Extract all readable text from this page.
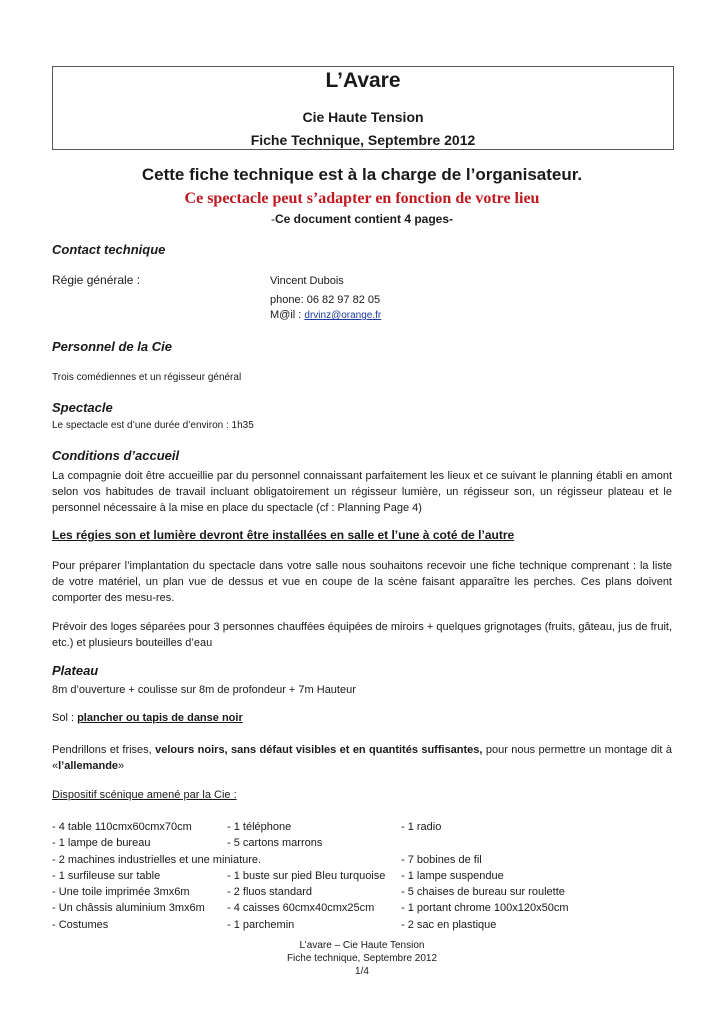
L’Avare
Cie Haute Tension
Fiche Technique, Septembre 2012
Cette fiche technique est à la charge de l’organisateur.
Ce spectacle peut s’adapter en fonction de votre lieu
-Ce document contient 4 pages-
Contact technique
Régie générale :	Vincent Dubois
phone: 06 82 97 82 05
M@il : drvinz@orange.fr
Personnel de la Cie
Trois comédiennes et un régisseur général
Spectacle
Le spectacle est d’une durée d’environ : 1h35
Conditions d’accueil
La compagnie doit être accueillie par du personnel connaissant parfaitement les lieux et ce suivant le planning établi en amont selon vos habitudes de travail incluant obligatoirement un régisseur lumière, un régisseur son, un régisseur plateau et le personnel nécessaire à la mise en place du spectacle (cf : Planning Page 4)
Les régies son et lumière devront être installées en salle et l’une à coté de l’autre
Pour préparer l’implantation du spectacle dans votre salle nous souhaitons recevoir une fiche technique comprenant : la liste de votre matériel, un plan vue de dessus et vue en coupe de la scène faisant apparaître les perches. Ces plans doivent comporter des mesu-res.
Prévoir des loges séparées pour 3 personnes chauffées équipées de miroirs + quelques grignotages (fruits, gâteau, jus de fruit, etc.) et plusieurs bouteilles d’eau
Plateau
8m d’ouverture + coulisse sur 8m de profondeur + 7m Hauteur
Sol : plancher ou tapis de danse noir
Pendrillons et frises, velours noirs, sans défaut visibles et en quantités suffisantes, pour nous permettre un montage dit à «l’allemande»
Dispositif scénique amené par la Cie :
- 4 table 110cmx60cmx70cm
- 1 lampe de bureau
- 2 machines industrielles et une miniature.
- 1 surfileuse sur table
- Une toile imprimée 3mx6m
- Un châssis aluminium 3mx6m
- Costumes
- 1 téléphone
- 5 cartons marrons

- 1 buste sur pied Bleu turquoise
- 2 fluos standard
- 4 caisses 60cmx40cmx25cm
- 1 parchemin
- 1 radio

- 7 bobines de fil
- 1 lampe suspendue
- 5 chaises de bureau sur roulette
- 1 portant chrome 100x120x50cm
- 2 sac en plastique
L’avare – Cie Haute Tension
Fiche technique, Septembre 2012
1/4
